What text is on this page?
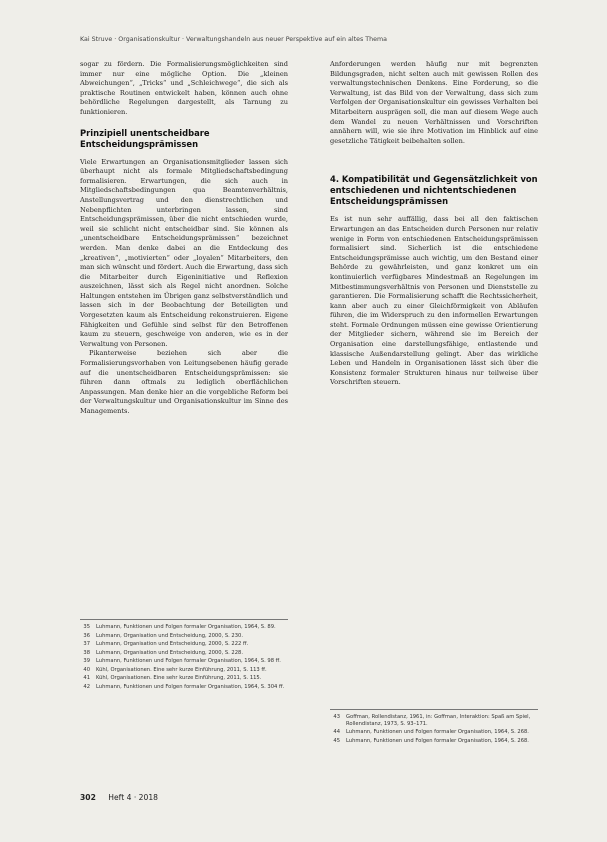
Kai Struve · Organisationskultur · Verwaltungshandeln aus neuer Perspektive auf ein altes Thema

sogar zu fördern. Die Formalisierungsmöglichkeiten sind immer nur eine mögliche Option. Die „kleinen Abweichungen“, „Tricks“ und „Schleichwege“, die sich als praktische Routinen entwickelt haben, können auch ohne behördliche Regelungen dargestellt, als Tarnung zu funktionieren.

Prinzipiell unentscheidbare Entscheidungsprämissen

Viele Erwartungen an Organisationsmitglieder lassen sich überhaupt nicht als formale Mitgliedschaftsbedingung formalisieren. Erwartungen, die sich auch in Mitgliedschaftsbedingungen qua Beamtenverhältnis, Anstellungsvertrag und den dienstrechtlichen und Nebenpflichten unterbringen lassen, sind Entscheidungsprämissen, über die nicht entschieden wurde, weil sie schlicht nicht entscheidbar sind. Sie können als „unentscheidbare Entscheidungsprämissen“ bezeichnet werden. Man denke dabei an die Entdeckung des „kreativen“, „motivierten“ oder „loyalen“ Mitarbeiters, den man sich wünscht und fördert. Auch die Erwartung, dass sich die Mitarbeiter durch Eigeninitiative und Reflexion auszeichnen, lässt sich als Regel nicht anordnen. Solche Haltungen entstehen im Übrigen ganz selbstverständlich und lassen sich in der Beobachtung der Beteiligten und Vorgesetzten kaum als Entscheidung rekonstruieren. Eigene Fähigkeiten und Gefühle sind selbst für den Betroffenen kaum zu steuern, geschweige von anderen, wie es in der Verwaltung von Personen.

Pikanterweise beziehen sich aber die Formalisierungsvorhaben von Leitungsebenen häufig gerade auf die unentscheidbaren Entscheidungsprämissen: sie führen dann oftmals zu lediglich oberflächlichen Anpassungen. Man denke hier an die vorgebliche Reform bei der Verwaltungskultur und Organisationskultur im Sinne des Managements.

Anforderungen werden häufig nur mit begrenzten Bildungsgraden, nicht selten auch mit gewissen Rollen des verwaltungstechnischen Denkens. Eine Forderung, so die Verwaltung, ist das Bild von der Verwaltung, dass sich zum Verfolgen der Organisationskultur ein gewisses Verhalten bei Mitarbeitern ausprägen soll, die man auf diesem Wege auch dem Wandel zu neuen Verhältnissen und Vorschriften annähern will, wie sie ihre Motivation im Hinblick auf eine gesetzliche Tätigkeit beibehalten sollen.

4. Kompatibilität und Gegensätzlichkeit von entschiedenen und nichtentschiedenen Entscheidungsprämissen

Es ist nun sehr auffällig, dass bei all den faktischen Erwartungen an das Entscheiden durch Personen nur relativ wenige in Form von entschiedenen Entscheidungsprämissen formalisiert sind. Sicherlich ist die entschiedene Entscheidungsprämisse auch wichtig, um den Bestand einer Behörde zu gewährleisten, und ganz konkret um ein kontinuierlich verfügbares Mindestmaß an Regelungen im Mitbestimmungsverhältnis von Personen und Dienststelle zu garantieren. Die Formalisierung schafft die Rechtssicherheit, kann aber auch zu einer Gleichförmigkeit von Abläufen führen, die im Widerspruch zu den informellen Erwartungen steht. Formale Ordnungen müssen eine gewisse Orientierung der Mitglieder sichern, während sie im Bereich der Organisation eine darstellungsfähige, entlastende und klassische Außendarstellung gelingt. Aber das wirkliche Leben und Handeln in Organisationen lässt sich über die Konsistenz formaler Strukturen hinaus nur teilweise über Vorschriften steuern.

35 Luhmann, Funktionen und Folgen formaler Organisation, 1964, S. 89.
36 Luhmann, Organisation und Entscheidung, 2000, S. 230.
37 Luhmann, Organisation und Entscheidung, 2000, S. 222 ff.
38 Luhmann, Organisation und Entscheidung, 2000, S. 228.
39 Luhmann, Funktionen und Folgen formaler Organisation, 1964, S. 98 ff.
40 Kühl, Organisationen. Eine sehr kurze Einführung, 2011, S. 113 ff.
41 Kühl, Organisationen. Eine sehr kurze Einführung, 2011, S. 115.
42 Luhmann, Funktionen und Folgen formaler Organisation, 1964, S. 304 ff.
43 Goffman, Rollendistanz, 1961, in: Goffman, Interaktion: Spaß am Spiel, Rollendistanz, 1973, S. 93–171.
44 Luhmann, Funktionen und Folgen formaler Organisation, 1964, S. 268.
45 Luhmann, Funktionen und Folgen formaler Organisation, 1964, S. 268.
302 Heft 4 · 2018
